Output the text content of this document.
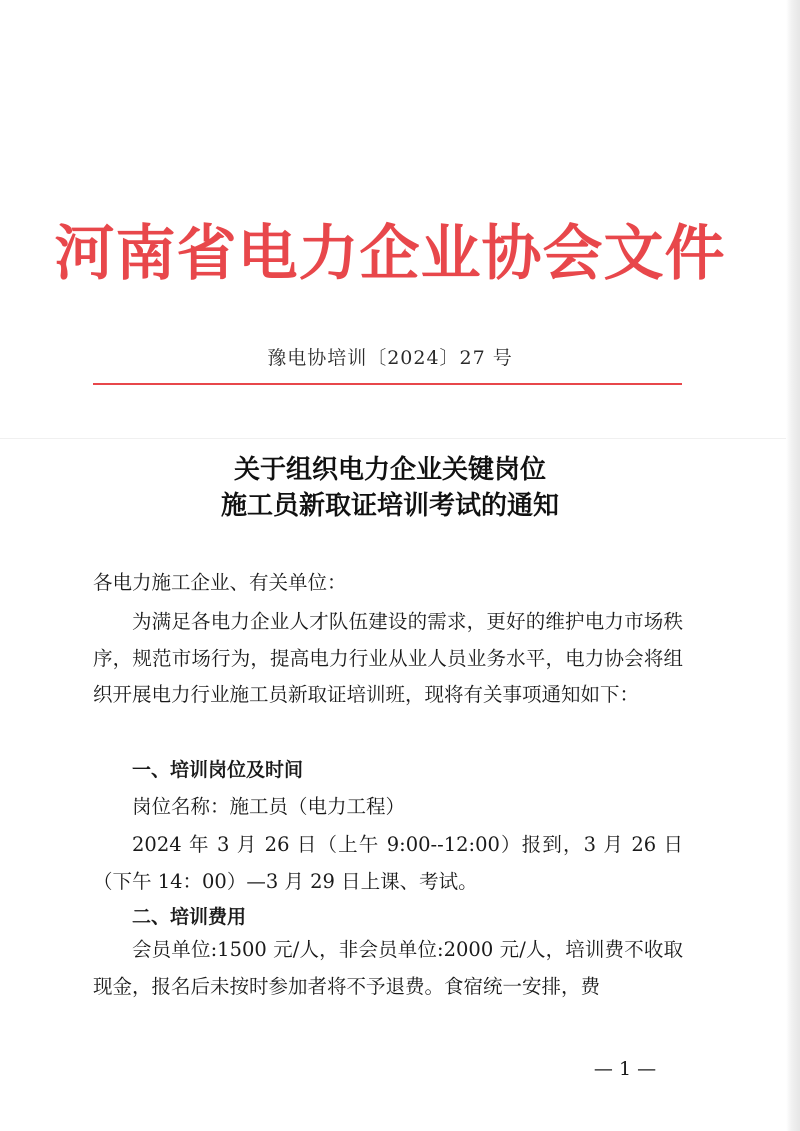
河南省电力企业协会文件
豫电协培训〔2024〕27 号
关于组织电力企业关键岗位
施工员新取证培训考试的通知
各电力施工企业、有关单位：
为满足各电力企业人才队伍建设的需求，更好的维护电力市场秩序，规范市场行为，提高电力行业从业人员业务水平，电力协会将组织开展电力行业施工员新取证培训班，现将有关事项通知如下：
一、培训岗位及时间
岗位名称：施工员（电力工程）
2024 年 3 月 26 日（上午 9:00--12:00）报到，3 月 26 日（下午 14：00）—3 月 29 日上课、考试。
二、培训费用
会员单位:1500 元/人，非会员单位:2000 元/人，培训费不收取现金，报名后未按时参加者将不予退费。食宿统一安排，费
— 1 —
